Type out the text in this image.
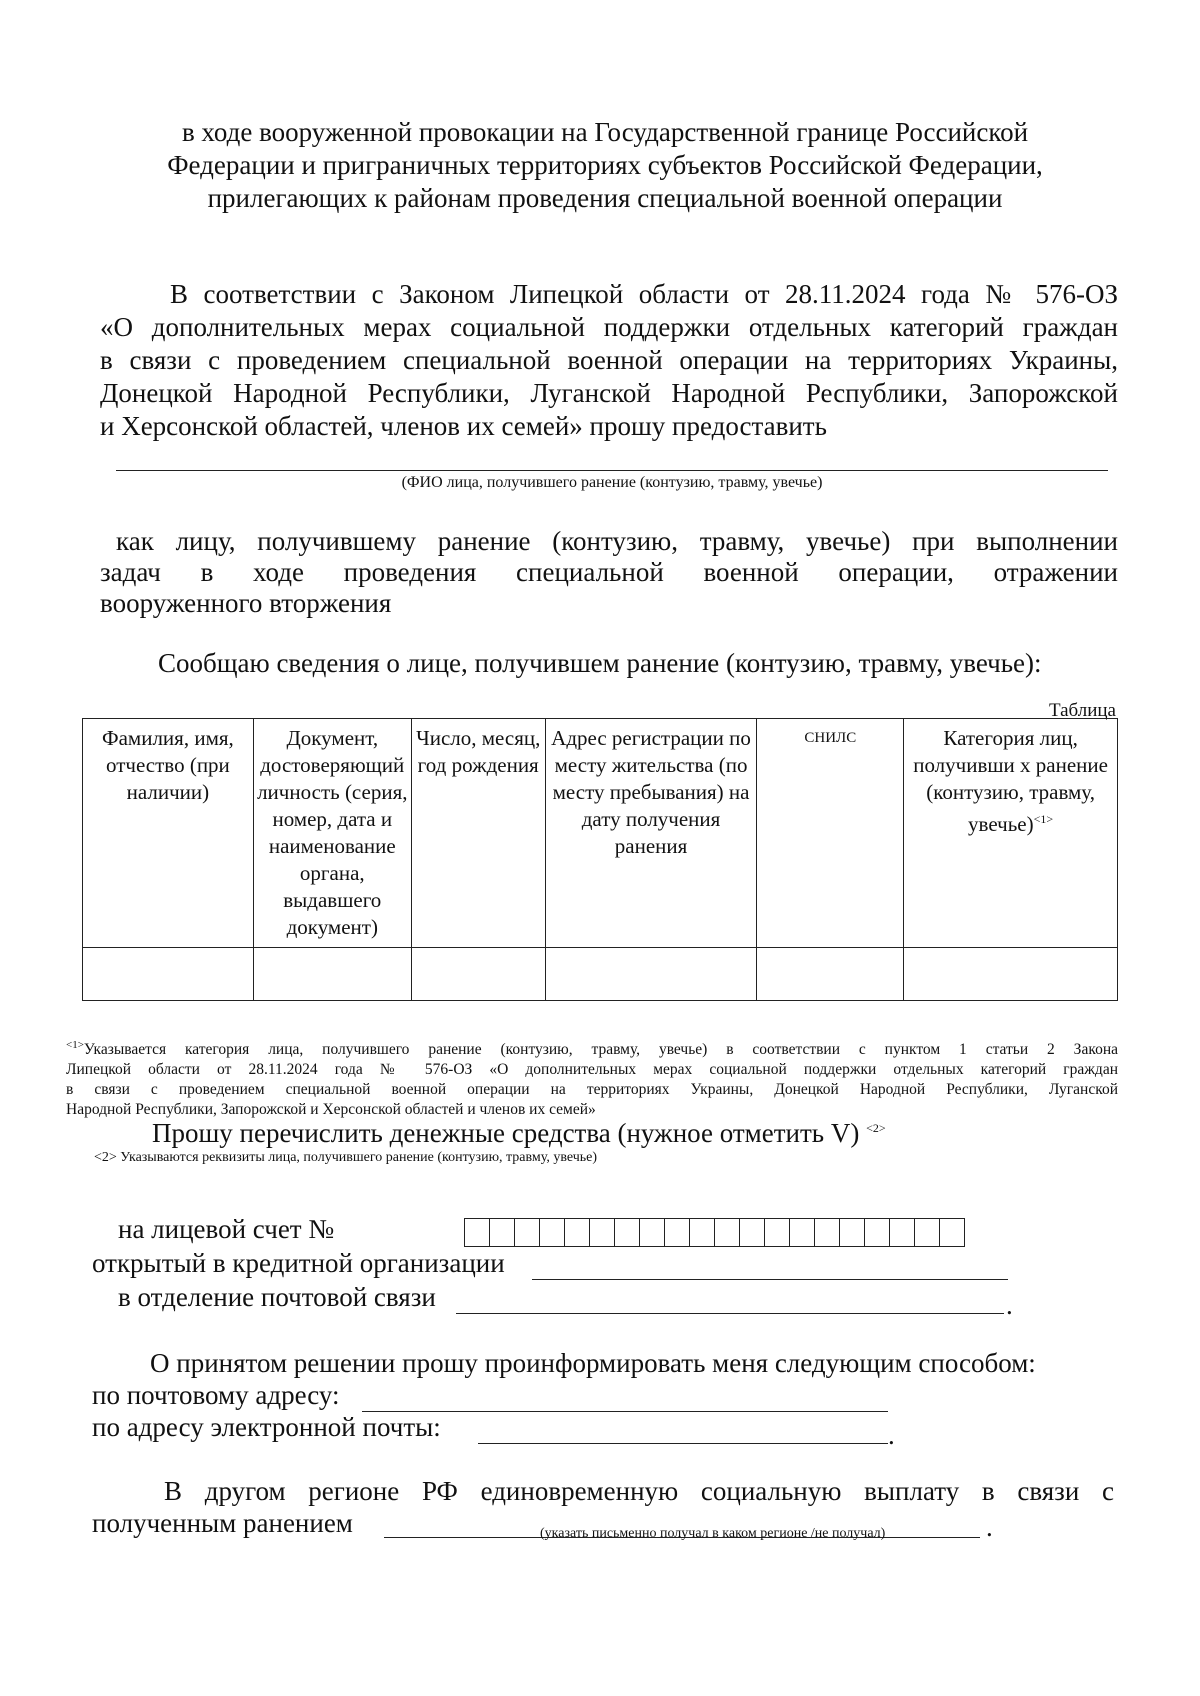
в ходе вооруженной провокации на Государственной границе Российской
Федерации и приграничных территориях субъектов Российской Федерации,
прилегающих к районам проведения специальной военной операции
В соответствии с Законом Липецкой области от 28.11.2024 года № 576-ОЗ
«О дополнительных мерах социальной поддержки отдельных категорий граждан
в связи с проведением специальной военной операции на территориях Украины,
Донецкой Народной Республики, Луганской Народной Республики, Запорожской
и Херсонской областей, членов их семей» прошу предоставить
(ФИО лица, получившего ранение (контузию, травму, увечье)
как лицу, получившему ранение (контузию, травму, увечье) при выполнении
задач в ходе проведения специальной военной операции, отражении
вооруженного вторжения
Сообщаю сведения о лице, получившем ранение (контузию, травму, увечье):
Таблица
Фамилия, имя, отчество (при наличии)	Документ, достоверяющий личность (серия, номер, дата и наименование органа, выдавшего документ)	Число, месяц, год рождения	Адрес регистрации по месту жительства (по месту пребывания) на дату получения ранения	СНИЛС	Категория лиц, получивши х ранение (контузию, травму, увечье)$^{<1>}$

$^{<1>}$Указывается категория лица, получившего ранение (контузию, травму, увечье) в соответствии с пунктом 1 статьи 2 Закона
Липецкой области от 28.11.2024 года № 576-ОЗ «О дополнительных мерах социальной поддержки отдельных категорий граждан
в связи с проведением специальной военной операции на территориях Украины, Донецкой Народной Республики, Луганской
Народной Республики, Запорожской и Херсонской областей и членов их семей»
Прошу перечислить денежные средства (нужное отметить V) $^{<2>}$
<2> Указываются реквизиты лица, получившего ранение (контузию, травму, увечье)
на лицевой счет №
открытый в кредитной организации
в отделение почтовой связи	.
О принятом решении прошу проинформировать меня следующим способом:
по почтовому адресу:
по адресу электронной почты:	.
В другом регионе РФ единовременную социальную выплату в связи с
полученным ранением	.
(указать письменно получал в каком регионе /не получал)
